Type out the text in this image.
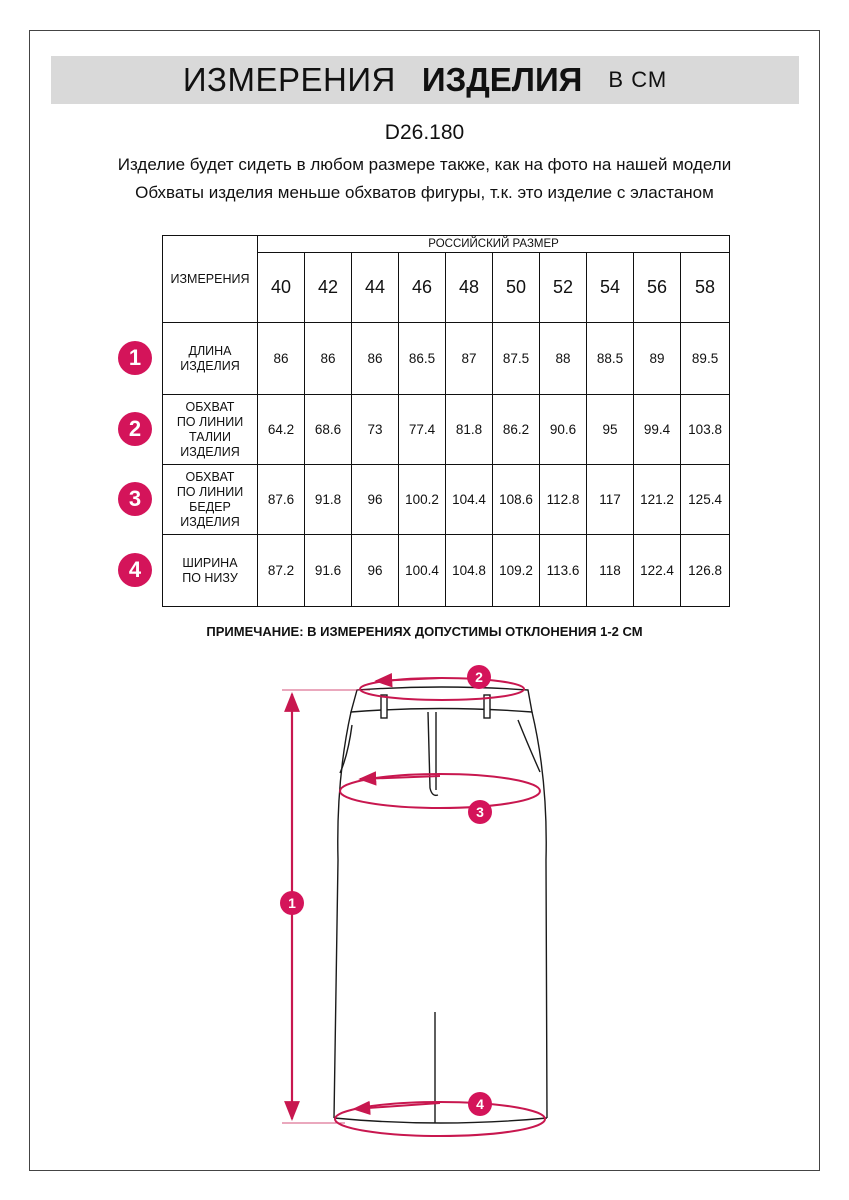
ИЗМЕРЕНИЯ ИЗДЕЛИЯ В СМ
D26.180
Изделие будет сидеть в любом размере также, как на фото на нашей модели
Обхваты изделия меньше обхватов фигуры, т.к. это изделие с эластаном
ИЗМЕРЕНИЯ	РОССИЙСКИЙ РАЗМЕР									
	40	42	44	46	48	50	52	54	56	58
ДЛИНА ИЗДЕЛИЯ	86	86	86	86.5	87	87.5	88	88.5	89	89.5
ОБХВАТ ПО ЛИНИИ ТАЛИИ ИЗДЕЛИЯ	64.2	68.6	73	77.4	81.8	86.2	90.6	95	99.4	103.8
ОБХВАТ ПО ЛИНИИ БЕДЕР ИЗДЕЛИЯ	87.6	91.8	96	100.2	104.4	108.6	112.8	117	121.2	125.4
ШИРИНА ПО НИЗУ	87.2	91.6	96	100.4	104.8	109.2	113.6	118	122.4	126.8
1
2
3
4
ПРИМЕЧАНИЕ: В ИЗМЕРЕНИЯХ ДОПУСТИМЫ ОТКЛОНЕНИЯ 1-2 СМ
1
2
3
4
